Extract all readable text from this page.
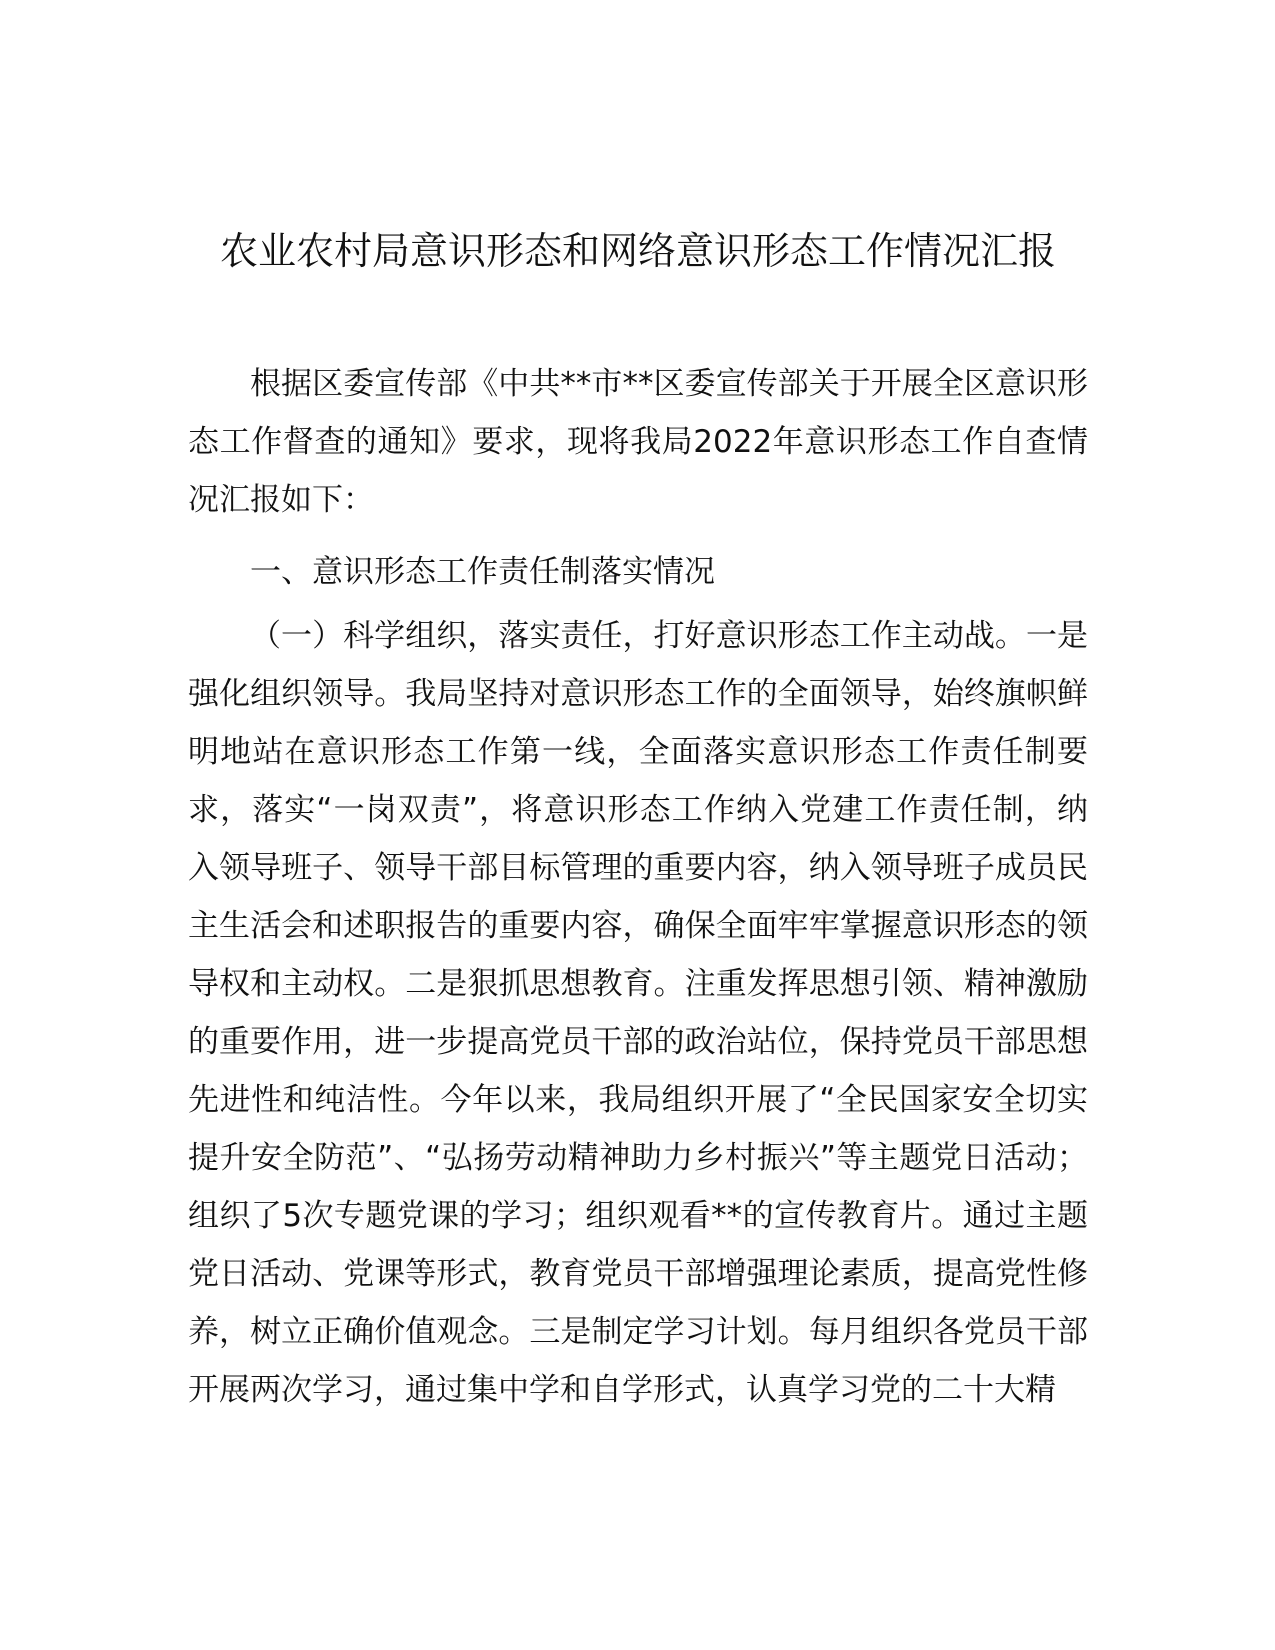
农业农村局意识形态和网络意识形态工作情况汇报

根据区委宣传部《中共**市**区委宣传部关于开展全区意识形态工作督查的通知》要求，现将我局2022年意识形态工作自查情况汇报如下：

一、意识形态工作责任制落实情况

（一）科学组织，落实责任，打好意识形态工作主动战。一是强化组织领导。我局坚持对意识形态工作的全面领导，始终旗帜鲜明地站在意识形态工作第一线，全面落实意识形态工作责任制要求，落实“一岗双责”，将意识形态工作纳入党建工作责任制，纳入领导班子、领导干部目标管理的重要内容，纳入领导班子成员民主生活会和述职报告的重要内容，确保全面牢牢掌握意识形态的领导权和主动权。二是狠抓思想教育。注重发挥思想引领、精神激励的重要作用，进一步提高党员干部的政治站位，保持党员干部思想先进性和纯洁性。今年以来，我局组织开展了“全民国家安全切实提升安全防范”、“弘扬劳动精神助力乡村振兴”等主题党日活动；组织了5次专题党课的学习；组织观看**的宣传教育片。通过主题党日活动、党课等形式，教育党员干部增强理论素质，提高党性修养，树立正确价值观念。三是制定学习计划。每月组织各党员干部开展两次学习，通过集中学和自学形式，认真学习党的二十大精
